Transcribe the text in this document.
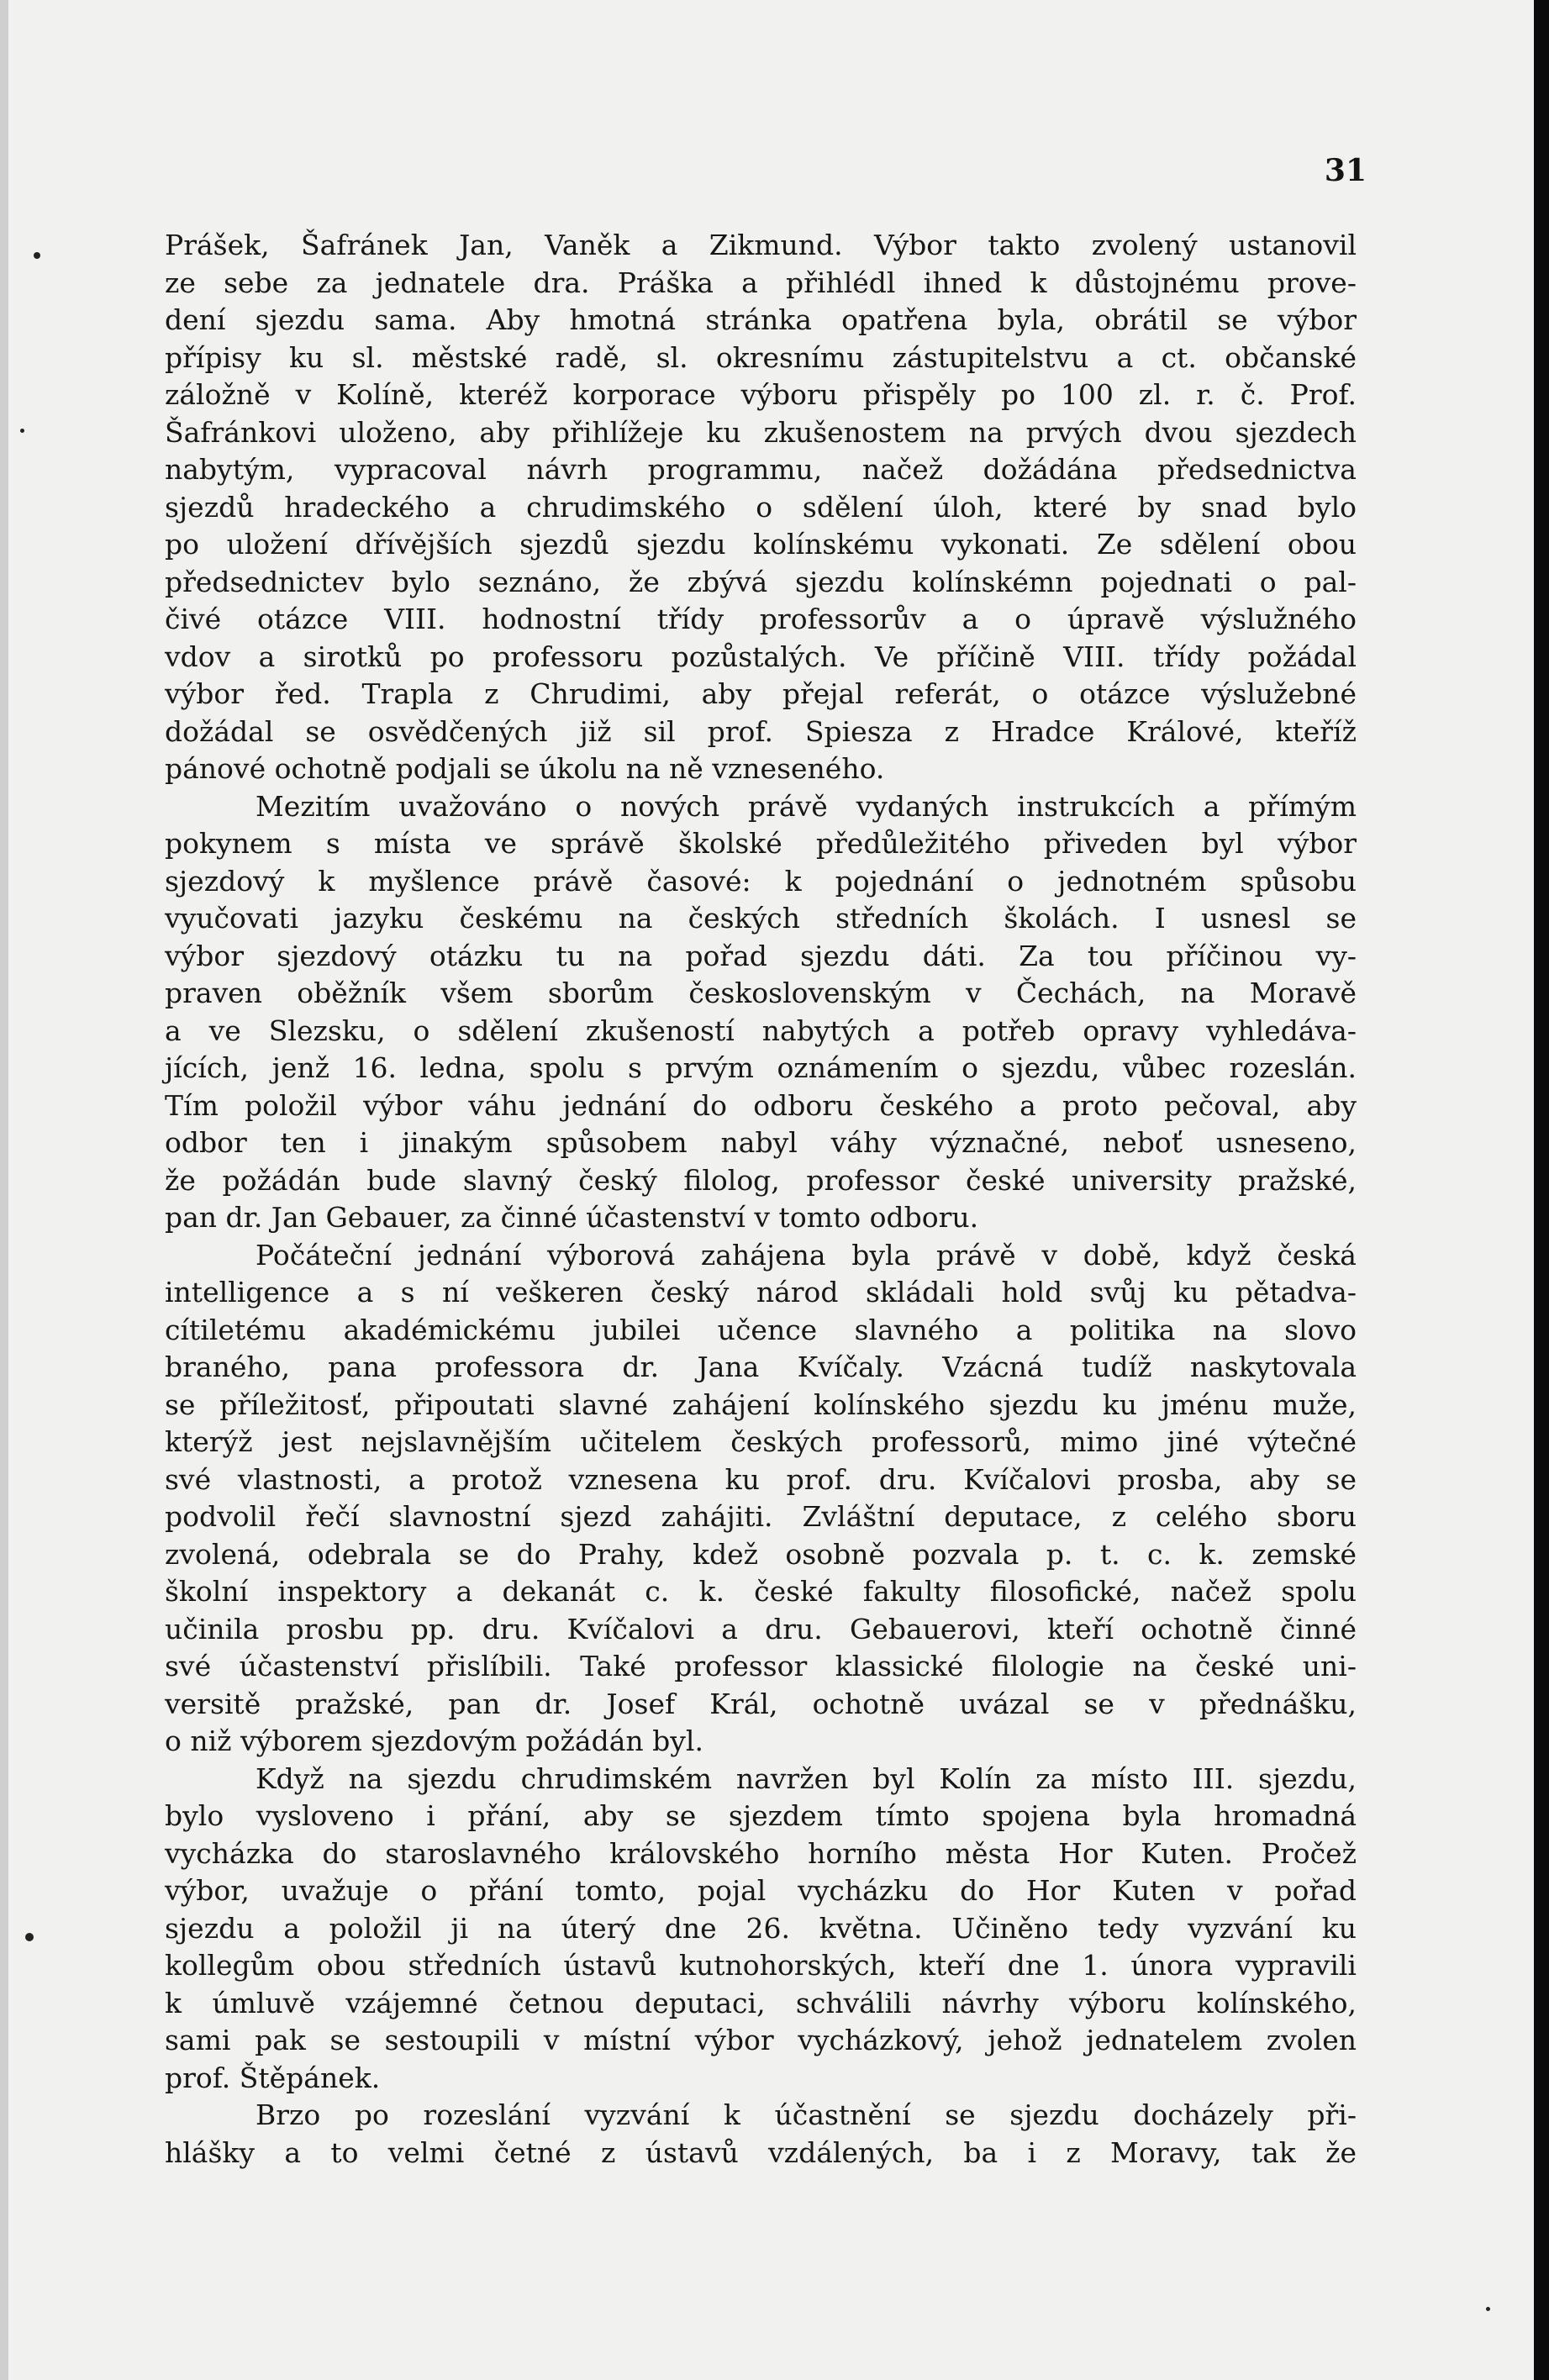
31
Prášek, Šafránek Jan, Vaněk a Zikmund. Výbor takto zvolený ustanovil
ze sebe za jednatele dra. Práška a přihlédl ihned k důstojnému prove-
dení sjezdu sama. Aby hmotná stránka opatřena byla, obrátil se výbor
přípisy ku sl. městské radě, sl. okresnímu zástupitelstvu a ct. občanské
záložně v Kolíně, kteréž korporace výboru přispěly po 100 zl. r. č. Prof.
Šafránkovi uloženo, aby přihlížeje ku zkušenostem na prvých dvou sjezdech
nabytým, vypracoval návrh programmu, načež dožádána předsednictva
sjezdů hradeckého a chrudimského o sdělení úloh, které by snad bylo
po uložení dřívějších sjezdů sjezdu kolínskému vykonati. Ze sdělení obou
předsednictev bylo seznáno, že zbývá sjezdu kolínskémn pojednati o pal-
čivé otázce VIII. hodnostní třídy professorův a o úpravě výslužného
vdov a sirotků po professoru pozůstalých. Ve příčině VIII. třídy požádal
výbor řed. Trapla z Chrudimi, aby přejal referát, o otázce výslužebné
dožádal se osvědčených již sil prof. Spiesza z Hradce Králové, kteříž
pánové ochotně podjali se úkolu na ně vzneseného.
Mezitím uvažováno o nových právě vydaných instrukcích a přímým
pokynem s místa ve správě školské předůležitého přiveden byl výbor
sjezdový k myšlence právě časové: k pojednání o jednotném spůsobu
vyučovati jazyku českému na českých středních školách. I usnesl se
výbor sjezdový otázku tu na pořad sjezdu dáti. Za tou příčinou vy-
praven oběžník všem sborům československým v Čechách, na Moravě
a ve Slezsku, o sdělení zkušeností nabytých a potřeb opravy vyhledáva-
jících, jenž 16. ledna, spolu s prvým oznámením o sjezdu, vůbec rozeslán.
Tím položil výbor váhu jednání do odboru českého a proto pečoval, aby
odbor ten i jinakým spůsobem nabyl váhy význačné, neboť usneseno,
že požádán bude slavný český filolog, professor české university pražské,
pan dr. Jan Gebauer, za činné účastenství v tomto odboru.
Počáteční jednání výborová zahájena byla právě v době, když česká
intelligence a s ní veškeren český národ skládali hold svůj ku pětadva-
cítiletému akadémickému jubilei učence slavného a politika na slovo
braného, pana professora dr. Jana Kvíčaly. Vzácná tudíž naskytovala
se příležitosť, připoutati slavné zahájení kolínského sjezdu ku jménu muže,
kterýž jest nejslavnějším učitelem českých professorů, mimo jiné výtečné
své vlastnosti, a protož vznesena ku prof. dru. Kvíčalovi prosba, aby se
podvolil řečí slavnostní sjezd zahájiti. Zvláštní deputace, z celého sboru
zvolená, odebrala se do Prahy, kdež osobně pozvala p. t. c. k. zemské
školní inspektory a dekanát c. k. české fakulty filosofické, načež spolu
učinila prosbu pp. dru. Kvíčalovi a dru. Gebauerovi, kteří ochotně činné
své účastenství přislíbili. Také professor klassické filologie na české uni-
versitě pražské, pan dr. Josef Král, ochotně uvázal se v přednášku,
o niž výborem sjezdovým požádán byl.
Když na sjezdu chrudimském navržen byl Kolín za místo III. sjezdu,
bylo vysloveno i přání, aby se sjezdem tímto spojena byla hromadná
vycházka do staroslavného královského horního města Hor Kuten. Pročež
výbor, uvažuje o přání tomto, pojal vycházku do Hor Kuten v pořad
sjezdu a položil ji na úterý dne 26. května. Učiněno tedy vyzvání ku
kollegům obou středních ústavů kutnohorských, kteří dne 1. února vypravili
k úmluvě vzájemné četnou deputaci, schválili návrhy výboru kolínského,
sami pak se sestoupili v místní výbor vycházkový, jehož jednatelem zvolen
prof. Štěpánek.
Brzo po rozeslání vyzvání k účastnění se sjezdu docházely při-
hlášky a to velmi četné z ústavů vzdálených, ba i z Moravy, tak že
